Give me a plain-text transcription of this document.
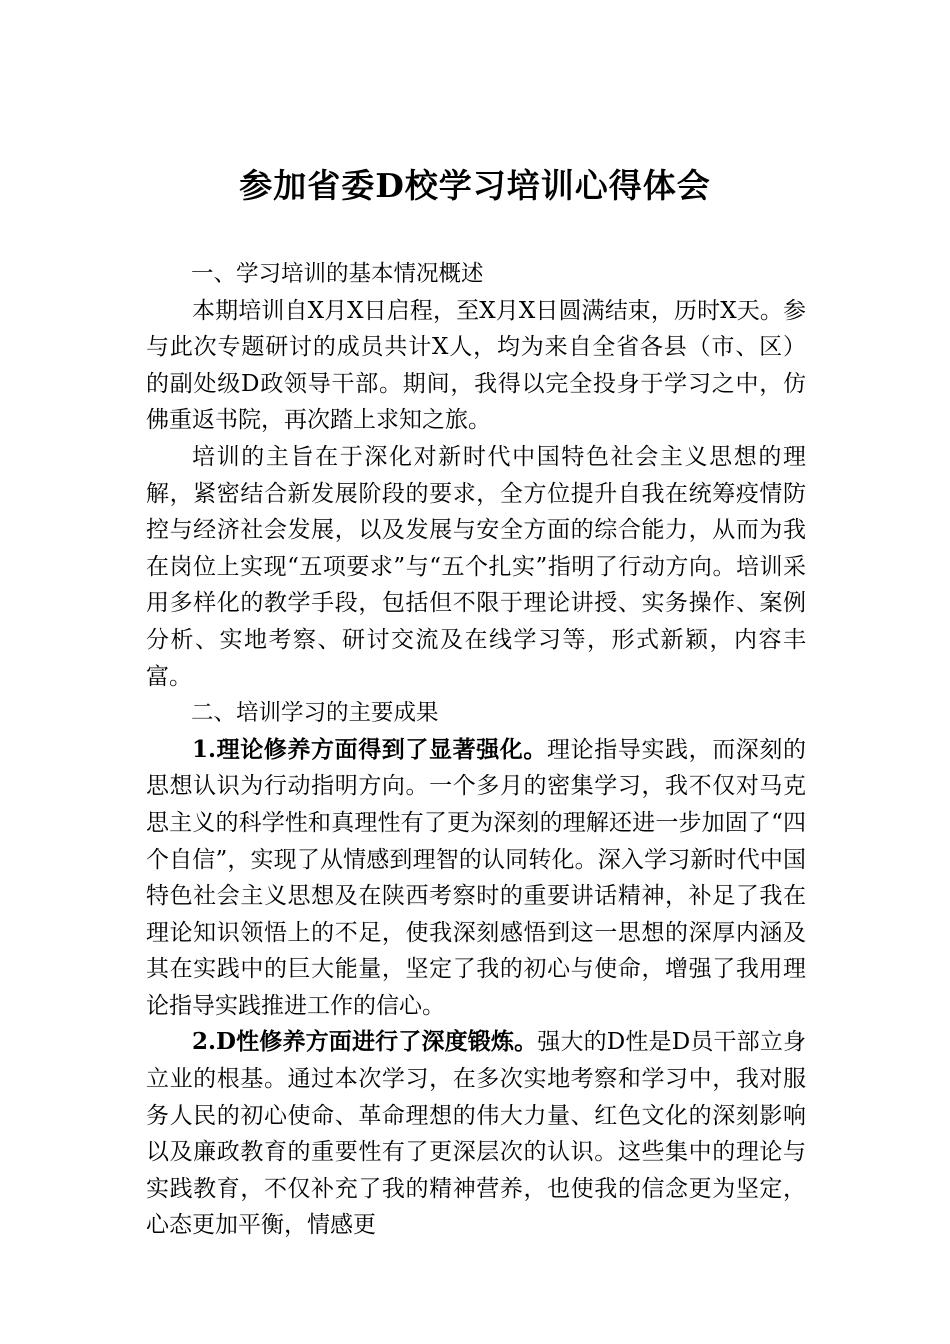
参加省委D校学习培训心得体会

一、学习培训的基本情况概述

本期培训自X月X日启程，至X月X日圆满结束，历时X天。参与此次专题研讨的成员共计X人，均为来自全省各县（市、区）的副处级D政领导干部。期间，我得以完全投身于学习之中，仿佛重返书院，再次踏上求知之旅。

培训的主旨在于深化对新时代中国特色社会主义思想的理解，紧密结合新发展阶段的要求，全方位提升自我在统筹疫情防控与经济社会发展，以及发展与安全方面的综合能力，从而为我在岗位上实现“五项要求”与“五个扎实”指明了行动方向。培训采用多样化的教学手段，包括但不限于理论讲授、实务操作、案例分析、实地考察、研讨交流及在线学习等，形式新颖，内容丰富。

二、培训学习的主要成果

1.理论修养方面得到了显著强化。理论指导实践，而深刻的思想认识为行动指明方向。一个多月的密集学习，我不仅对马克思主义的科学性和真理性有了更为深刻的理解还进一步加固了“四个自信”，实现了从情感到理智的认同转化。深入学习新时代中国特色社会主义思想及在陕西考察时的重要讲话精神，补足了我在理论知识领悟上的不足，使我深刻感悟到这一思想的深厚内涵及其在实践中的巨大能量，坚定了我的初心与使命，增强了我用理论指导实践推进工作的信心。

2.D性修养方面进行了深度锻炼。强大的D性是D员干部立身立业的根基。通过本次学习，在多次实地考察和学习中，我对服务人民的初心使命、革命理想的伟大力量、红色文化的深刻影响以及廉政教育的重要性有了更深层次的认识。这些集中的理论与实践教育，不仅补充了我的精神营养，也使我的信念更为坚定，心态更加平衡，情感更
